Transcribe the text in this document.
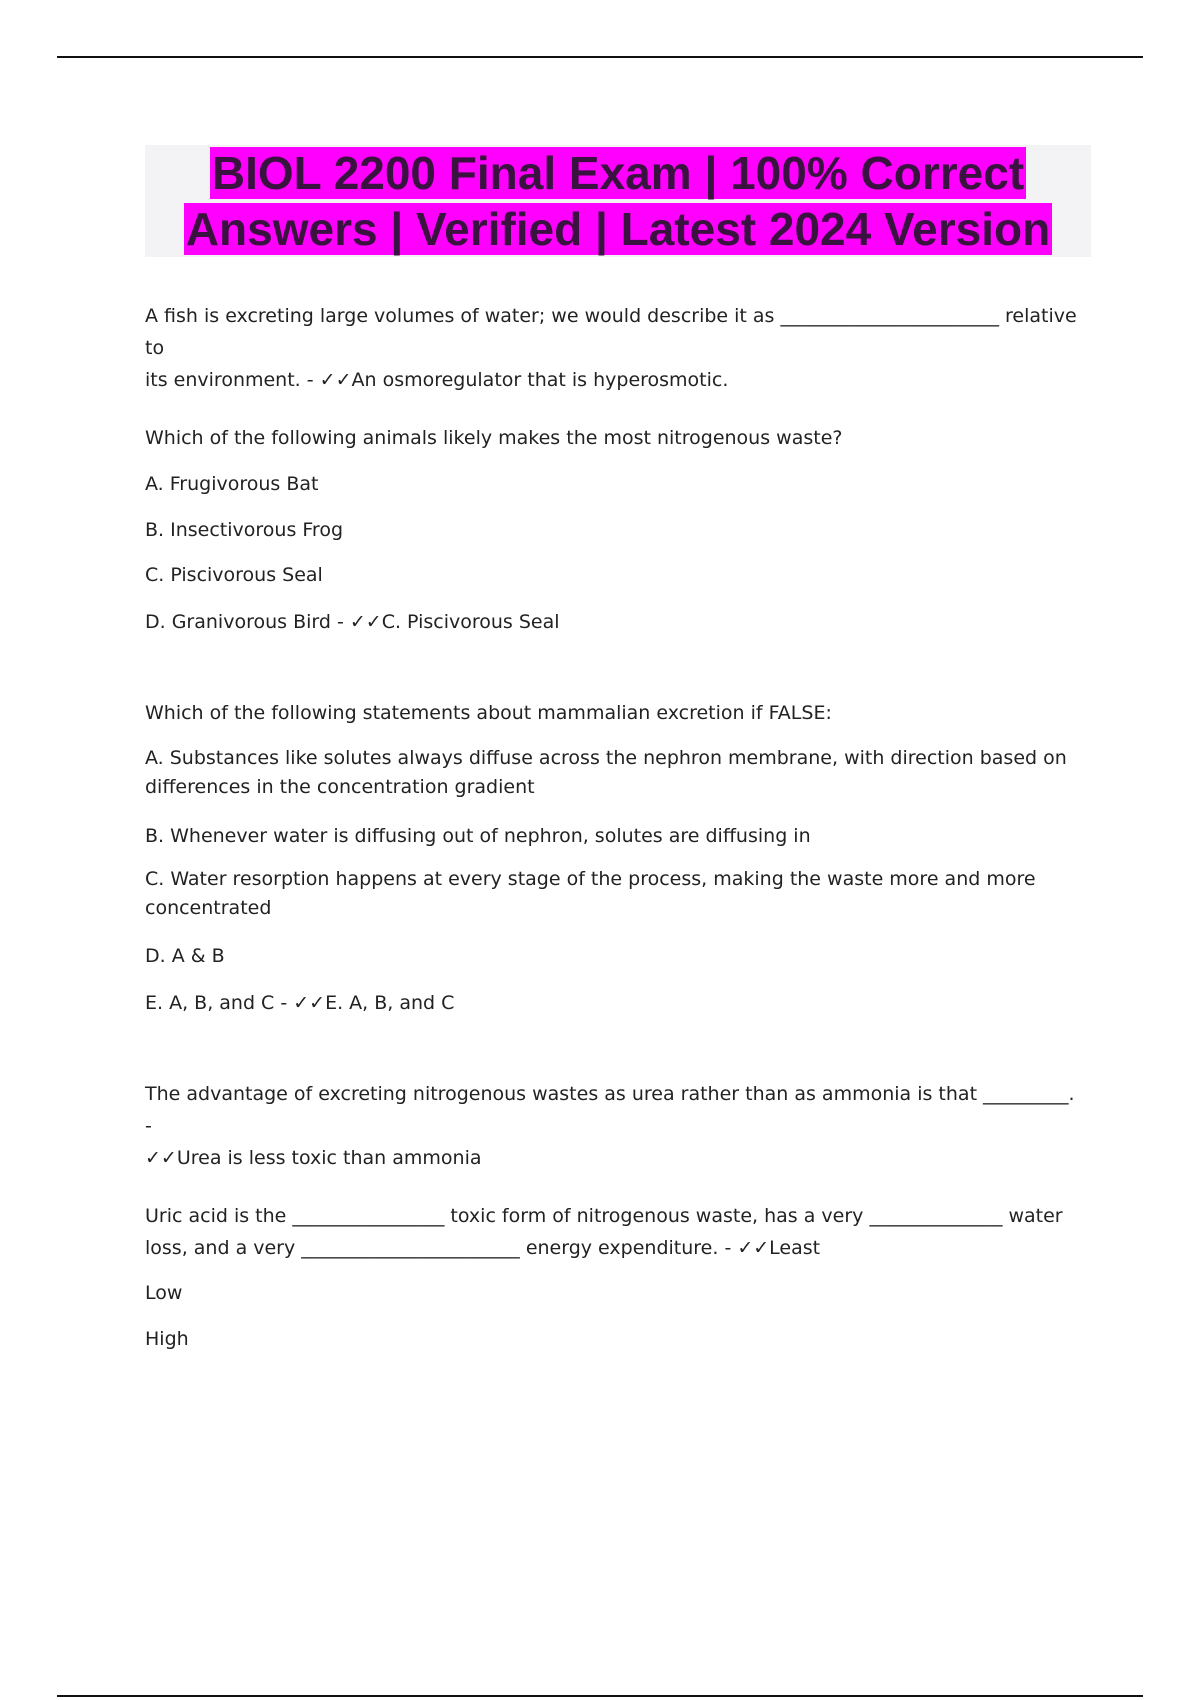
BIOL 2200 Final Exam | 100% Correct
Answers | Verified | Latest 2024 Version
A fish is excreting large volumes of water; we would describe it as _______________________ relative to
its environment. - ✓✓An osmoregulator that is hyperosmotic.
Which of the following animals likely makes the most nitrogenous waste?
A. Frugivorous Bat
B. Insectivorous Frog
C. Piscivorous Seal
D. Granivorous Bird - ✓✓C. Piscivorous Seal
Which of the following statements about mammalian excretion if FALSE:
A. Substances like solutes always diffuse across the nephron membrane, with direction based on
differences in the concentration gradient
B. Whenever water is diffusing out of nephron, solutes are diffusing in
C. Water resorption happens at every stage of the process, making the waste more and more
concentrated
D. A & B
E. A, B, and C - ✓✓E. A, B, and C
The advantage of excreting nitrogenous wastes as urea rather than as ammonia is that _________. -
✓✓Urea is less toxic than ammonia
Uric acid is the ________________ toxic form of nitrogenous waste, has a very ______________ water
loss, and a very _______________________ energy expenditure. - ✓✓Least
Low
High
